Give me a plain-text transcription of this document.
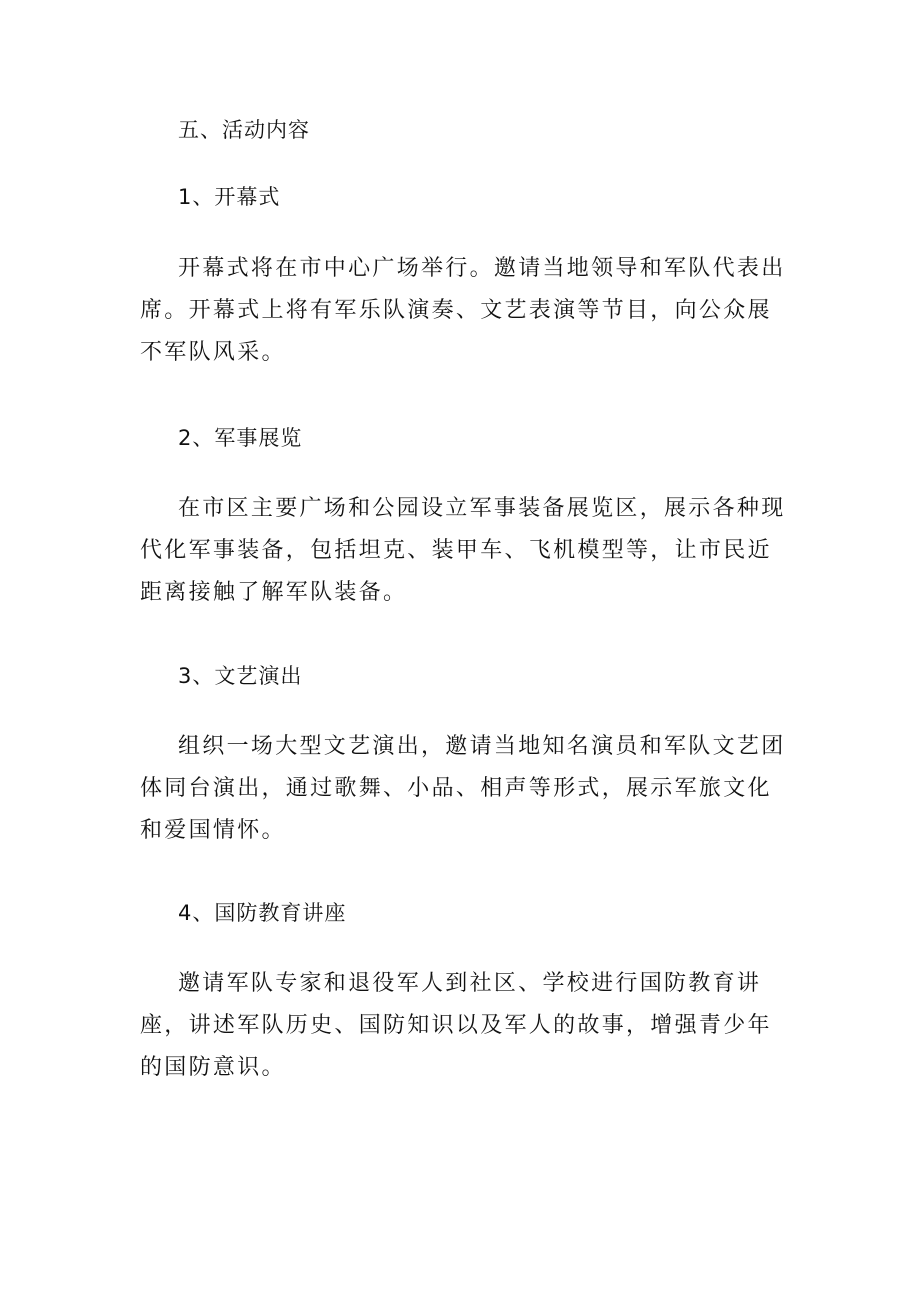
五、活动内容
1、开幕式
开幕式将在市中心广场举行。邀请当地领导和军队代表出席。开幕式上将有军乐队演奏、文艺表演等节目，向公众展不军队风采。
2、军事展览
在市区主要广场和公园设立军事装备展览区，展示各种现代化军事装备，包括坦克、装甲车、飞机模型等，让市民近距离接触了解军队装备。
3、文艺演出
组织一场大型文艺演出，邀请当地知名演员和军队文艺团体同台演出，通过歌舞、小品、相声等形式，展示军旅文化和爱国情怀。
4、国防教育讲座
邀请军队专家和退役军人到社区、学校进行国防教育讲座，讲述军队历史、国防知识以及军人的故事，增强青少年的国防意识。
